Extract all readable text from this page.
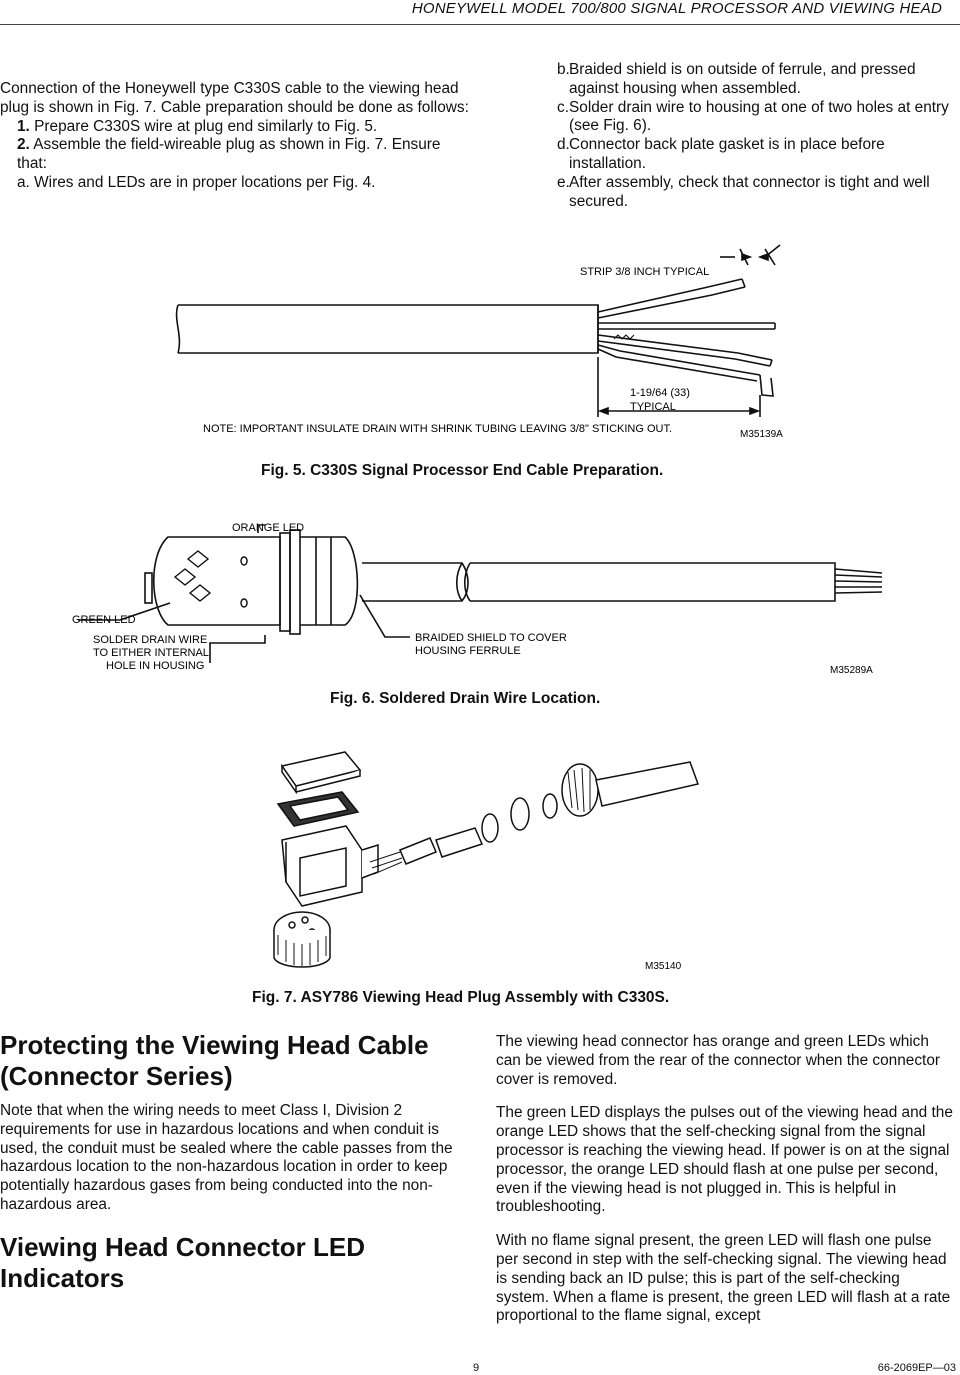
HONEYWELL MODEL 700/800 SIGNAL PROCESSOR AND VIEWING HEAD

Connection of the Honeywell type C330S cable to the viewing head plug is shown in Fig. 7. Cable preparation should be done as follows:

1. Prepare C330S wire at plug end similarly to Fig. 5.
2. Assemble the field-wireable plug as shown in Fig. 7. Ensure that:
a. Wires and LEDs are in proper locations per Fig. 4.
b. Braided shield is on outside of ferrule, and pressed against housing when assembled.
c. Solder drain wire to housing at one of two holes at entry (see Fig. 6).
d. Connector back plate gasket is in place before installation.
e. After assembly, check that connector is tight and well secured.
STRIP 3/8 INCH TYPICAL
1-19/64 (33)
TYPICAL
NOTE: IMPORTANT INSULATE DRAIN WITH SHRINK TUBING LEAVING 3/8" STICKING OUT.	M35139A
Fig. 5. C330S Signal Processor End Cable Preparation.
ORANGE LED
GREEN LED
SOLDER DRAIN WIRE
TO EITHER INTERNAL
HOLE IN HOUSING
BRAIDED SHIELD TO COVER
HOUSING FERRULE
M35289A
Fig. 6. Soldered Drain Wire Location.
M35140
Fig. 7. ASY786 Viewing Head Plug Assembly with C330S.
Protecting the Viewing Head Cable (Connector Series)
Note that when the wiring needs to meet Class I, Division 2 requirements for use in hazardous locations and when conduit is used, the conduit must be sealed where the cable passes from the hazardous location to the non-hazardous location in order to keep potentially hazardous gases from being conducted into the non-hazardous area.
Viewing Head Connector LED Indicators

The viewing head connector has orange and green LEDs which can be viewed from the rear of the connector when the connector cover is removed.

The green LED displays the pulses out of the viewing head and the orange LED shows that the self-checking signal from the signal processor is reaching the viewing head. If power is on at the signal processor, the orange LED should flash at one pulse per second, even if the viewing head is not plugged in. This is helpful in troubleshooting.

With no flame signal present, the green LED will flash one pulse per second in step with the self-checking signal. The viewing head is sending back an ID pulse; this is part of the self-checking system. When a flame is present, the green LED will flash at a rate proportional to the flame signal, except

9	66-2069EP—03
